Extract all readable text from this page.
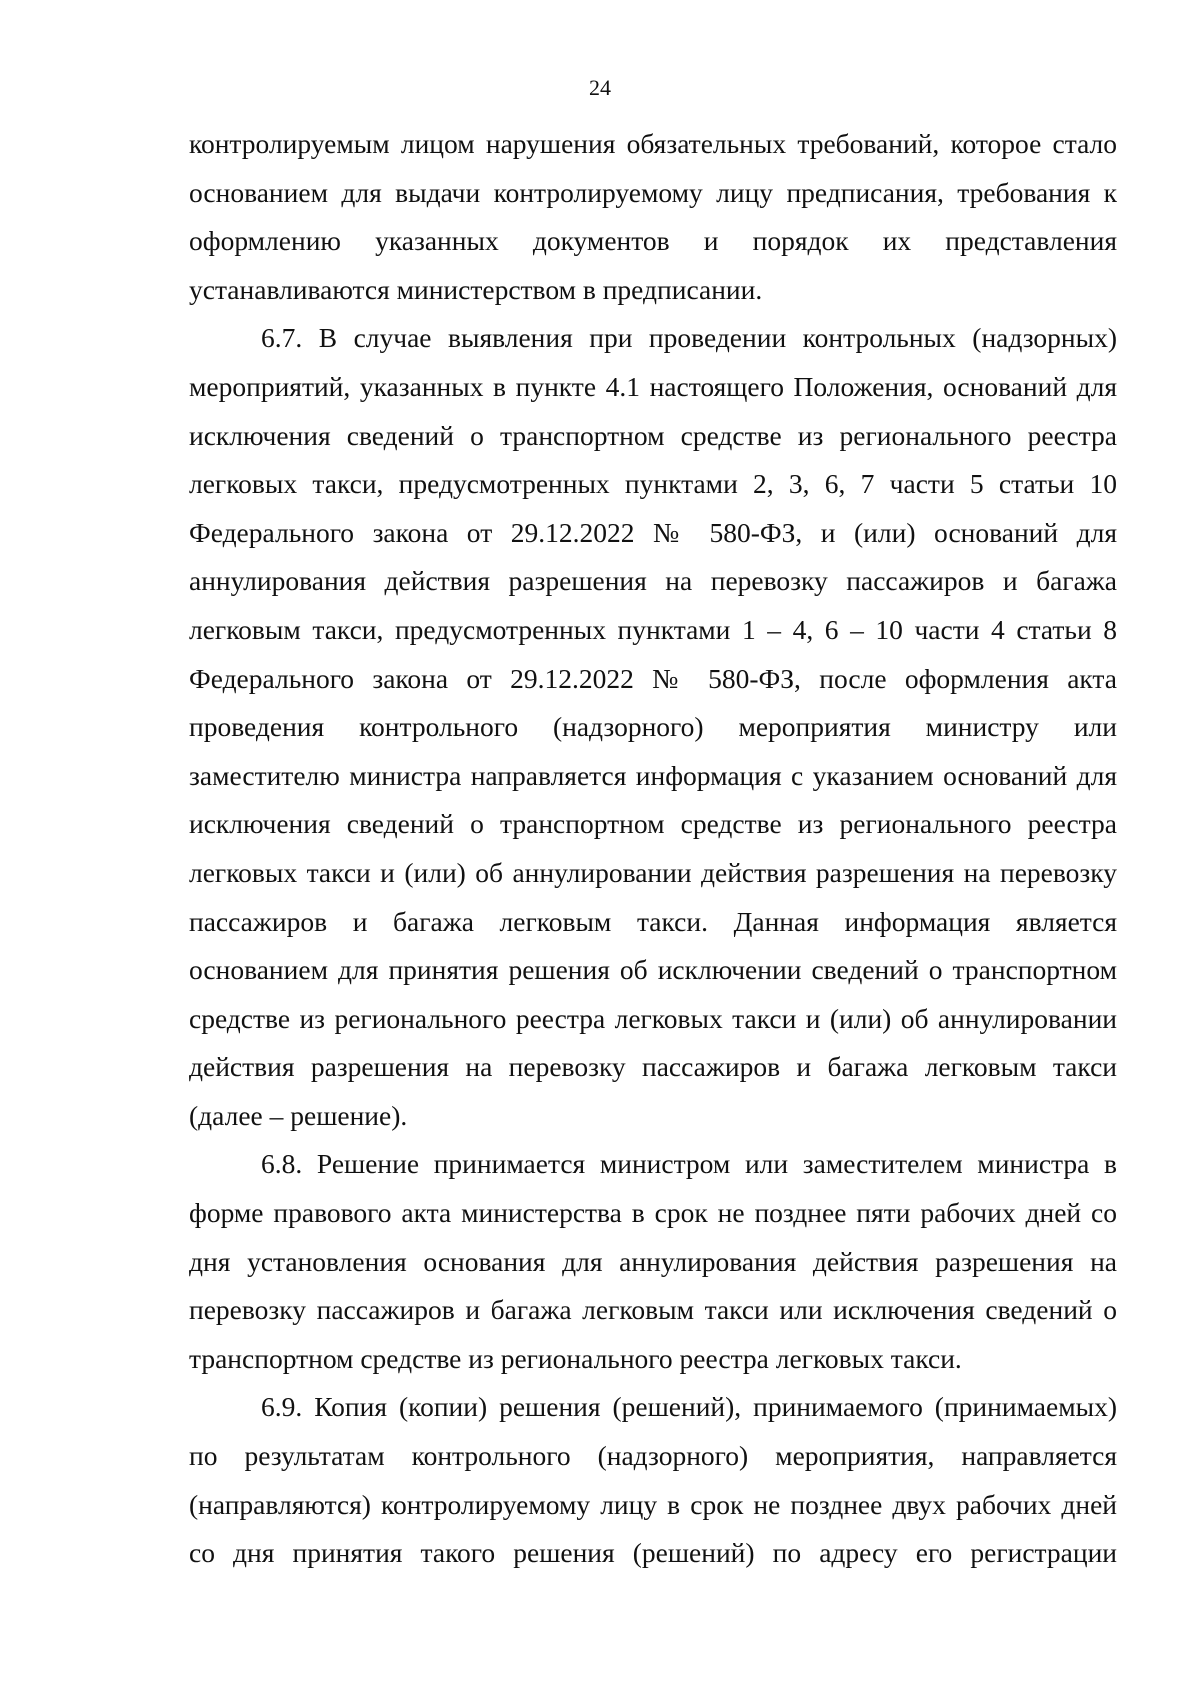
24

контролируемым лицом нарушения обязательных требований, которое стало основанием для выдачи контролируемому лицу предписания, требования к оформлению указанных документов и порядок их представления устанавливаются министерством в предписании.

6.7. В случае выявления при проведении контрольных (надзорных) мероприятий, указанных в пункте 4.1 настоящего Положения, оснований для исключения сведений о транспортном средстве из регионального реестра легковых такси, предусмотренных пунктами 2, 3, 6, 7 части 5 статьи 10 Федерального закона от 29.12.2022 № 580-ФЗ, и (или) оснований для аннулирования действия разрешения на перевозку пассажиров и багажа легковым такси, предусмотренных пунктами 1 – 4, 6 – 10 части 4 статьи 8 Федерального закона от 29.12.2022 № 580-ФЗ, после оформления акта проведения контрольного (надзорного) мероприятия министру или заместителю министра направляется информация с указанием оснований для исключения сведений о транспортном средстве из регионального реестра легковых такси и (или) об аннулировании действия разрешения на перевозку пассажиров и багажа легковым такси. Данная информация является основанием для принятия решения об исключении сведений о транспортном средстве из регионального реестра легковых такси и (или) об аннулировании действия разрешения на перевозку пассажиров и багажа легковым такси (далее – решение).

6.8. Решение принимается министром или заместителем министра в форме правового акта министерства в срок не позднее пяти рабочих дней со дня установления основания для аннулирования действия разрешения на перевозку пассажиров и багажа легковым такси или исключения сведений о транспортном средстве из регионального реестра легковых такси.

6.9. Копия (копии) решения (решений), принимаемого (принимаемых) по результатам контрольного (надзорного) мероприятия, направляется (направляются) контролируемому лицу в срок не позднее двух рабочих дней со дня принятия такого решения (решений) по адресу его регистрации
